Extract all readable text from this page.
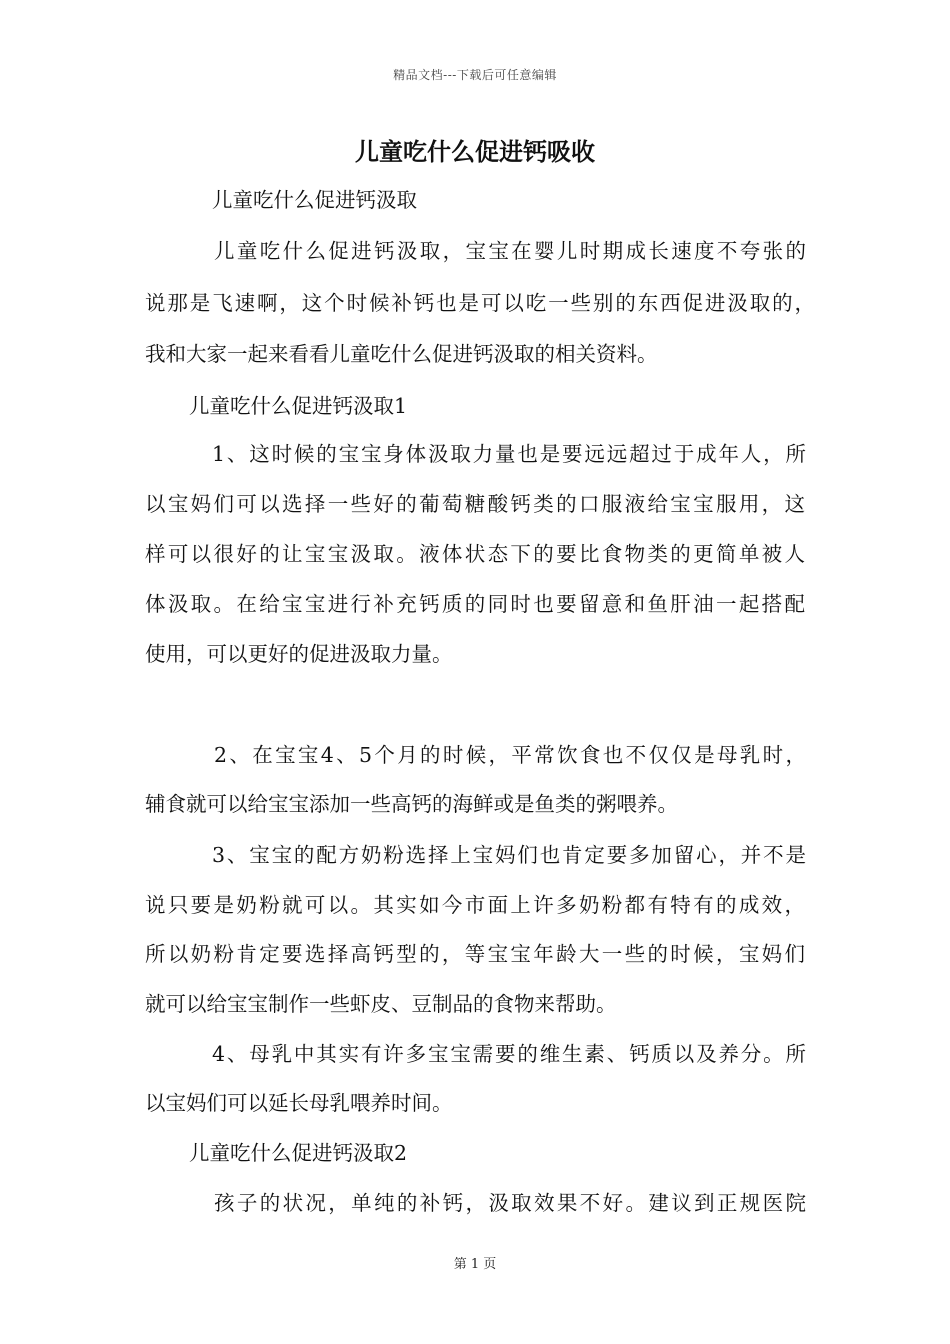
精品文档---下载后可任意编辑
儿童吃什么促进钙吸收
儿童吃什么促进钙汲取
儿童吃什么促进钙汲取，宝宝在婴儿时期成长速度不夸张的
说那是飞速啊，这个时候补钙也是可以吃一些别的东西促进汲取的，
我和大家一起来看看儿童吃什么促进钙汲取的相关资料。
儿童吃什么促进钙汲取1
1、这时候的宝宝身体汲取力量也是要远远超过于成年人，所
以宝妈们可以选择一些好的葡萄糖酸钙类的口服液给宝宝服用，这
样可以很好的让宝宝汲取。液体状态下的要比食物类的更简单被人
体汲取。在给宝宝进行补充钙质的同时也要留意和鱼肝油一起搭配
使用，可以更好的促进汲取力量。
2、在宝宝4、5个月的时候，平常饮食也不仅仅是母乳时，
辅食就可以给宝宝添加一些高钙的海鲜或是鱼类的粥喂养。
3、宝宝的配方奶粉选择上宝妈们也肯定要多加留心，并不是
说只要是奶粉就可以。其实如今市面上许多奶粉都有特有的成效，
所以奶粉肯定要选择高钙型的，等宝宝年龄大一些的时候，宝妈们
就可以给宝宝制作一些虾皮、豆制品的食物来帮助。
4、母乳中其实有许多宝宝需要的维生素、钙质以及养分。所
以宝妈们可以延长母乳喂养时间。
儿童吃什么促进钙汲取2
孩子的状况，单纯的补钙，汲取效果不好。建议到正规医院
第 1 页
